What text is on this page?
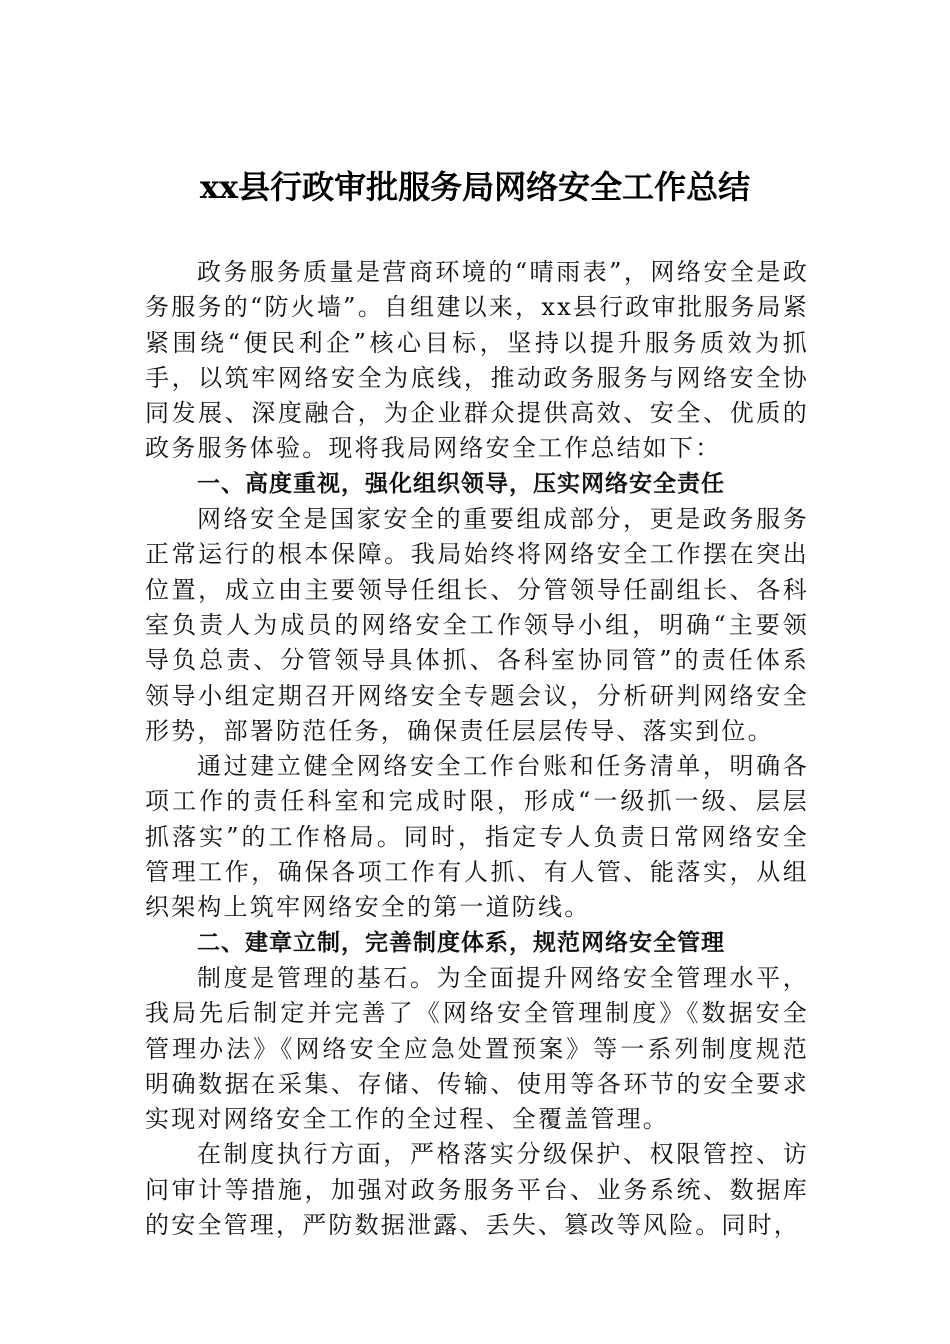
xx县行政审批服务局网络安全工作总结

政务服务质量是营商环境的“晴雨表”，网络安全是政务服务的“防火墙”。自组建以来，xx县行政审批服务局紧紧围绕“便民利企”核心目标，坚持以提升服务质效为抓手，以筑牢网络安全为底线，推动政务服务与网络安全协同发展、深度融合，为企业群众提供高效、安全、优质的政务服务体验。现将我局网络安全工作总结如下：

一、高度重视，强化组织领导，压实网络安全责任

网络安全是国家安全的重要组成部分，更是政务服务正常运行的根本保障。我局始终将网络安全工作摆在突出位置，成立由主要领导任组长、分管领导任副组长、各科室负责人为成员的网络安全工作领导小组，明确“主要领导负总责、分管领导具体抓、各科室协同管”的责任体系领导小组定期召开网络安全专题会议，分析研判网络安全形势，部署防范任务，确保责任层层传导、落实到位。

通过建立健全网络安全工作台账和任务清单，明确各项工作的责任科室和完成时限，形成“一级抓一级、层层抓落实”的工作格局。同时，指定专人负责日常网络安全管理工作，确保各项工作有人抓、有人管、能落实，从组织架构上筑牢网络安全的第一道防线。

二、建章立制，完善制度体系，规范网络安全管理

制度是管理的基石。为全面提升网络安全管理水平，我局先后制定并完善了《网络安全管理制度》《数据安全管理办法》《网络安全应急处置预案》等一系列制度规范明确数据在采集、存储、传输、使用等各环节的安全要求实现对网络安全工作的全过程、全覆盖管理。

在制度执行方面，严格落实分级保护、权限管控、访问审计等措施，加强对政务服务平台、业务系统、数据库的安全管理，严防数据泄露、丢失、篡改等风险。同时，
